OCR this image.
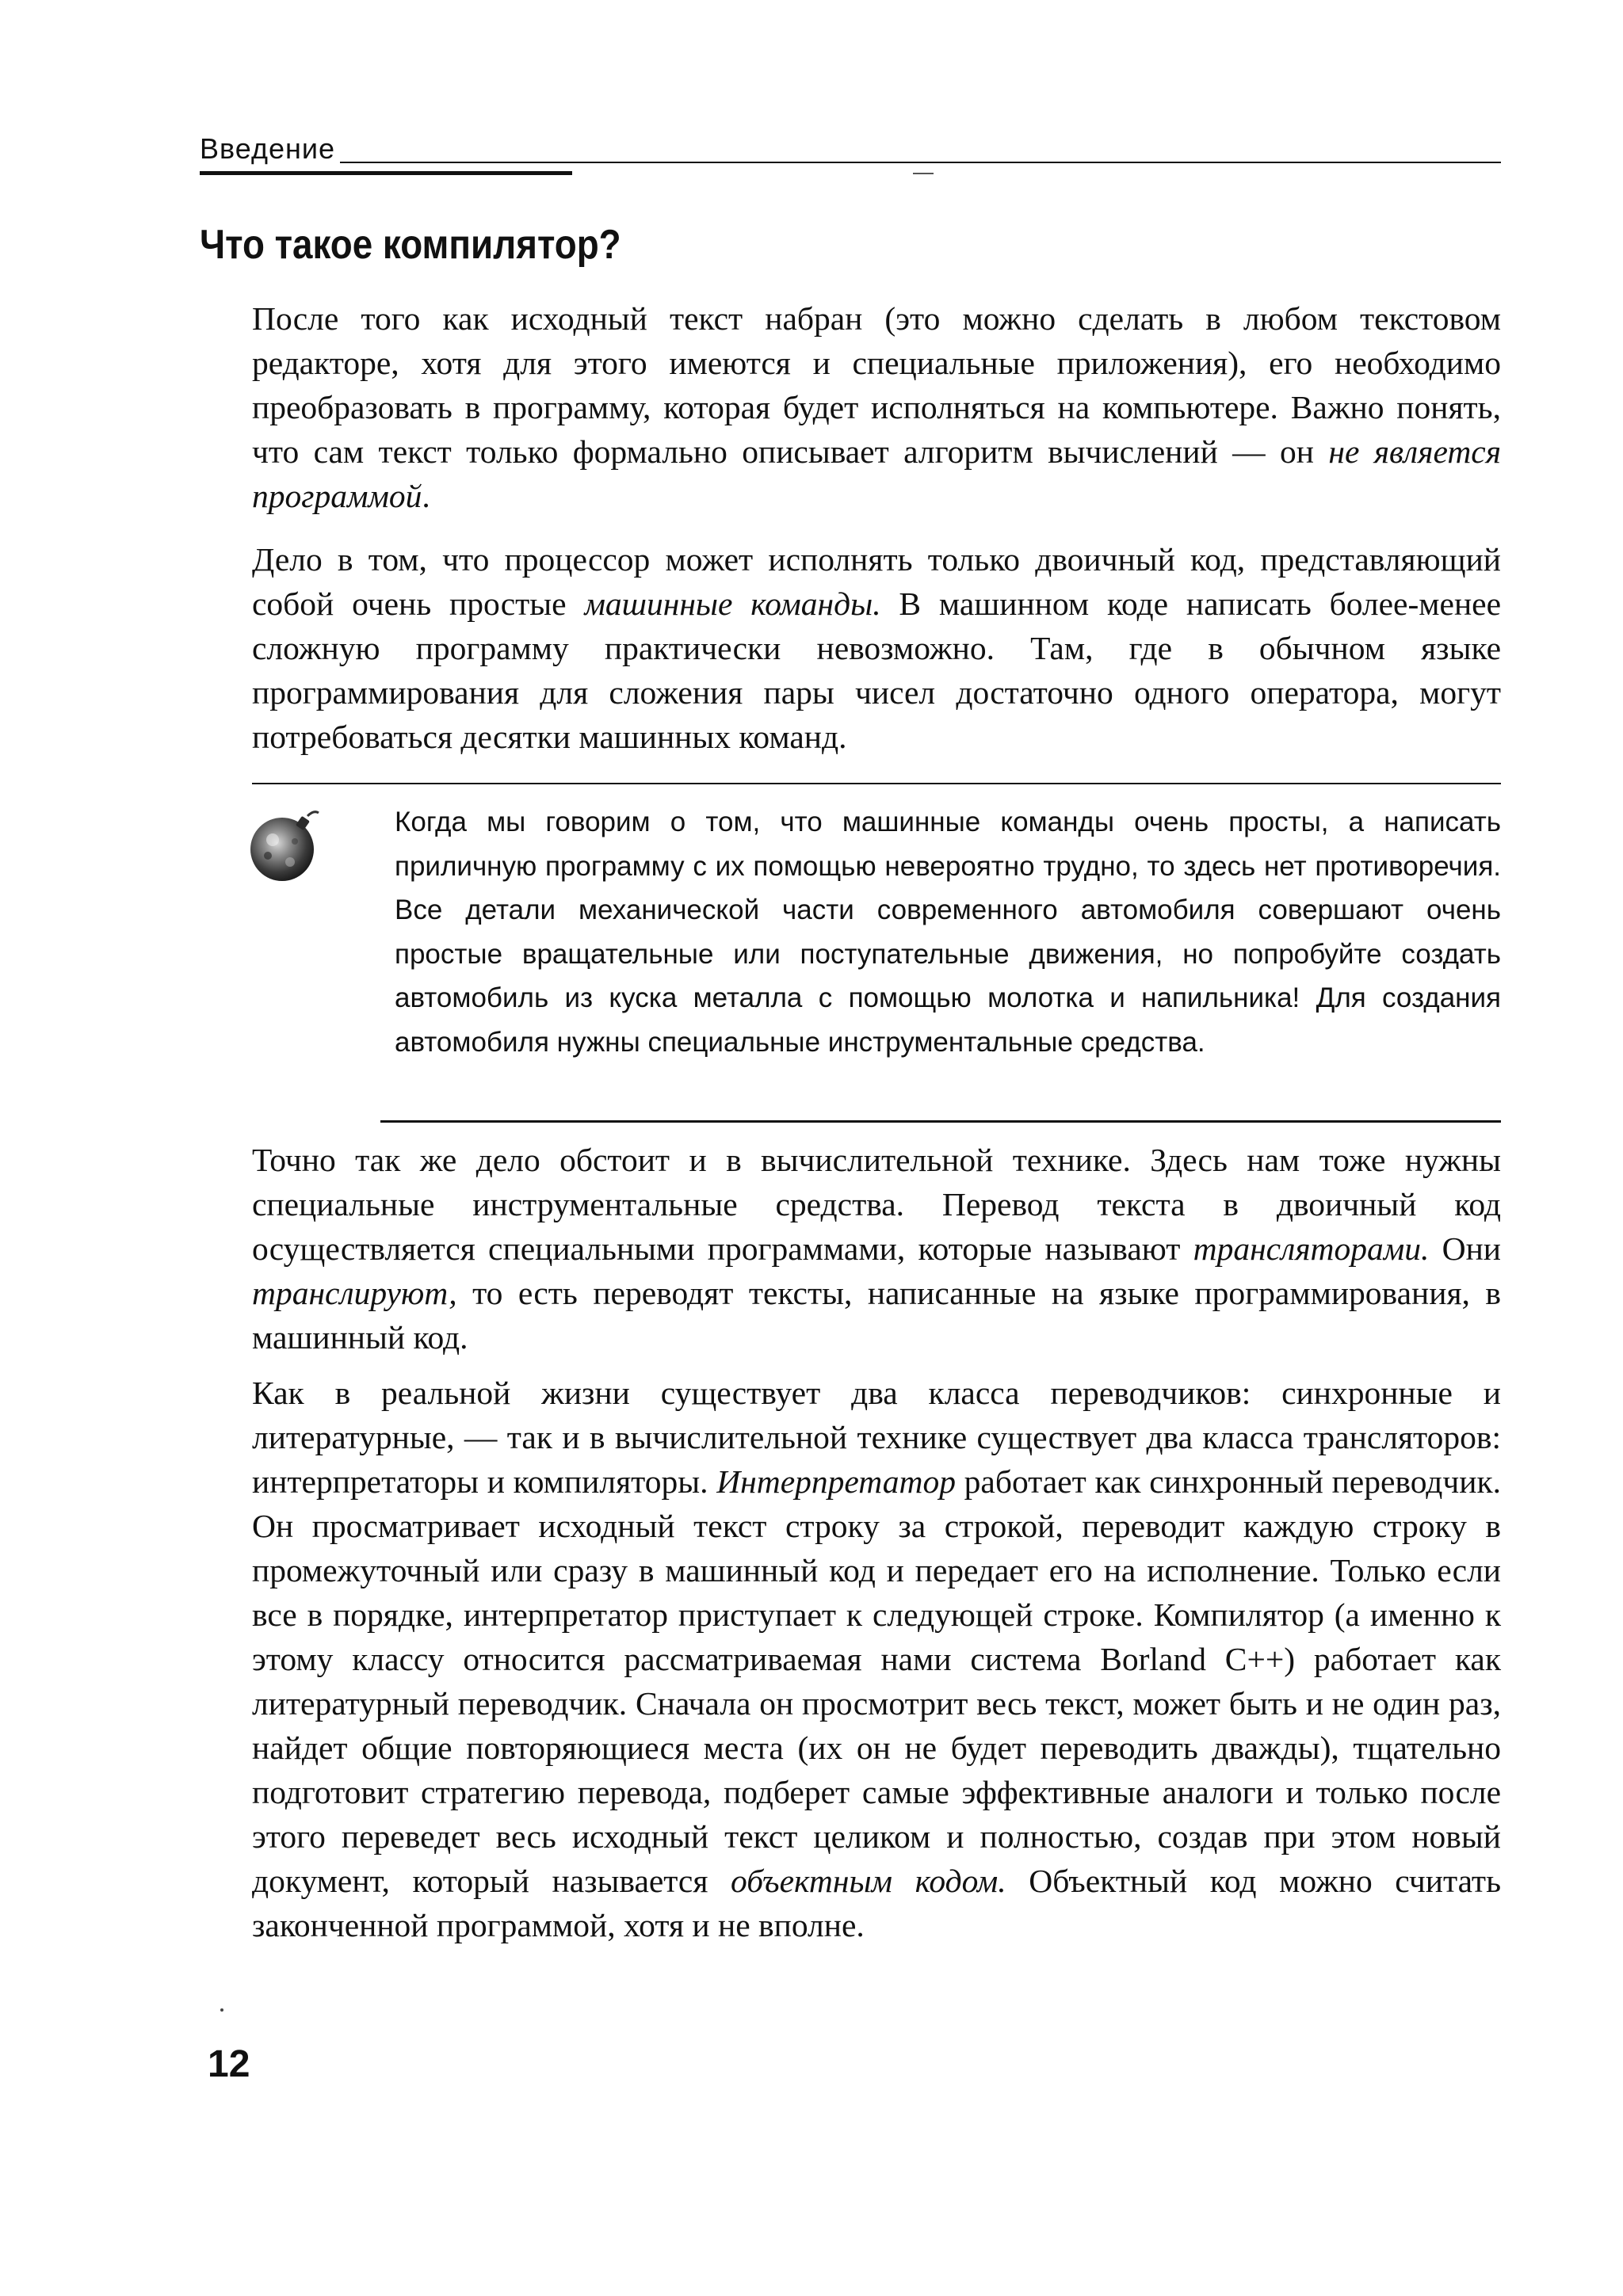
Введение
Что такое компилятор?

После того как исходный текст набран (это можно сделать в любом текстовом редакторе, хотя для этого имеются и специальные приложения), его необходимо преобразовать в программу, которая будет исполняться на компьютере. Важно понять, что сам текст только формально описывает алгоритм вычислений — он не является программой.

Дело в том, что процессор может исполнять только двоичный код, представляющий собой очень простые машинные команды. В машинном коде написать более-менее сложную программу практически невозможно. Там, где в обычном языке программирования для сложения пары чисел достаточно одного оператора, могут потребоваться десятки машинных команд.

Когда мы говорим о том, что машинные команды очень просты, а написать приличную программу с их помощью невероятно трудно, то здесь нет противоречия. Все детали механической части современного автомобиля совершают очень простые вращательные или поступательные движения, но попробуйте создать автомобиль из куска металла с помощью молотка и напильника! Для создания автомобиля нужны специальные инструментальные средства.

Точно так же дело обстоит и в вычислительной технике. Здесь нам тоже нужны специальные инструментальные средства. Перевод текста в двоичный код осуществляется специальными программами, которые называют трансляторами. Они транслируют, то есть переводят тексты, написанные на языке программирования, в машинный код.

Как в реальной жизни существует два класса переводчиков: синхронные и литературные, — так и в вычислительной технике существует два класса трансляторов: интерпретаторы и компиляторы. Интерпретатор работает как синхронный переводчик. Он просматривает исходный текст строку за строкой, переводит каждую строку в промежуточный или сразу в машинный код и передает его на исполнение. Только если все в порядке, интерпретатор приступает к следующей строке. Компилятор (а именно к этому классу относится рассматриваемая нами система Borland C++) работает как литературный переводчик. Сначала он просмотрит весь текст, может быть и не один раз, найдет общие повторяющиеся места (их он не будет переводить дважды), тщательно подготовит стратегию перевода, подберет самые эффективные аналоги и только после этого переведет весь исходный текст целиком и полностью, создав при этом новый документ, который называется объектным кодом. Объектный код можно считать законченной программой, хотя и не вполне.

12
